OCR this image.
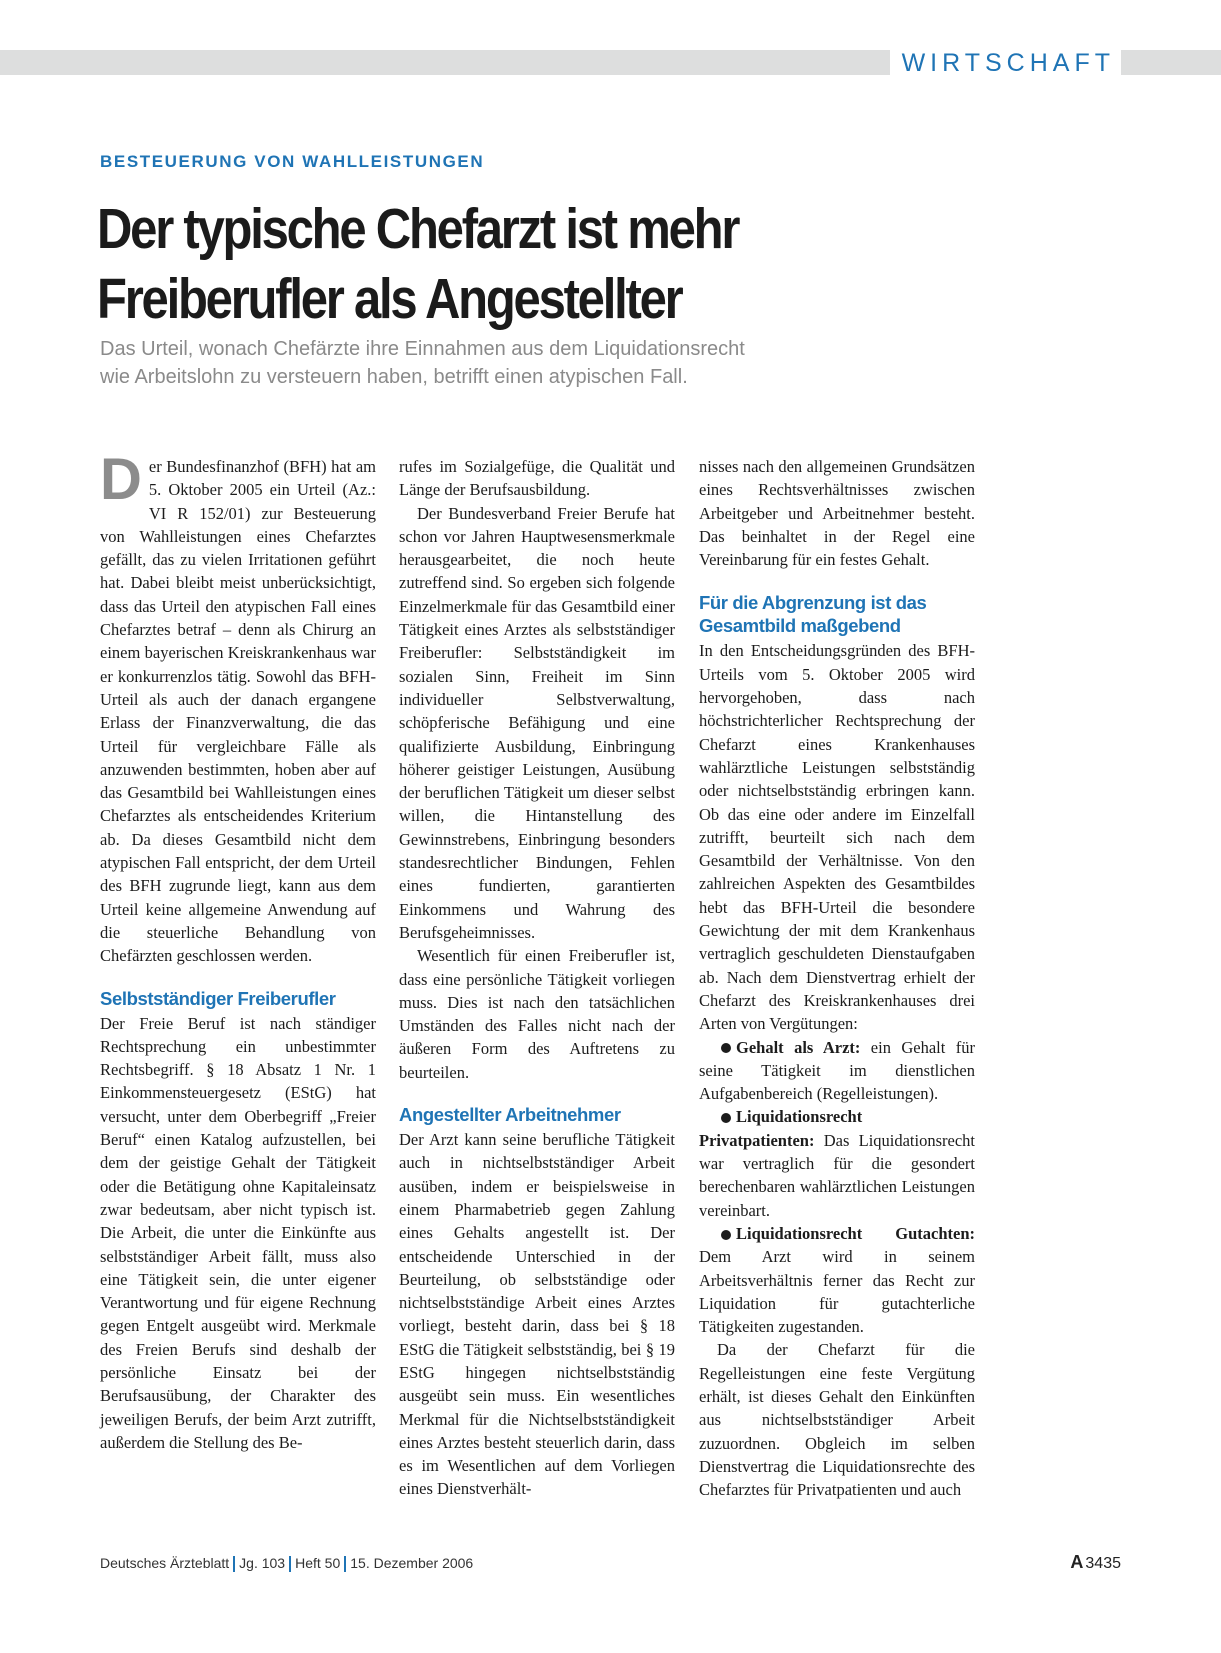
WIRTSCHAFT
BESTEUERUNG VON WAHLLEISTUNGEN
Der typische Chefarzt ist mehr
Freiberufler als Angestellter

Das Urteil, wonach Chefärzte ihre Einnahmen aus dem Liquidationsrecht
wie Arbeitslohn zu versteuern haben, betrifft einen atypischen Fall.

Der Bundesfinanzhof (BFH) hat am 5. Oktober 2005 ein Urteil (Az.: VI R 152/01) zur Besteuerung von Wahlleistungen eines Chefarztes gefällt, das zu vielen Irritationen geführt hat. Dabei bleibt meist unberücksichtigt, dass das Urteil den atypischen Fall eines Chefarztes betraf – denn als Chirurg an einem bayerischen Kreiskrankenhaus war er konkurrenzlos tätig. Sowohl das BFH-Urteil als auch der danach ergangene Erlass der Finanzverwaltung, die das Urteil für vergleichbare Fälle als anzuwenden bestimmten, hoben aber auf das Gesamtbild bei Wahlleistungen eines Chefarztes als entscheidendes Kriterium ab. Da dieses Gesamtbild nicht dem atypischen Fall entspricht, der dem Urteil des BFH zugrunde liegt, kann aus dem Urteil keine allgemeine Anwendung auf die steuerliche Behandlung von Chefärzten geschlossen werden.

Selbstständiger Freiberufler

Der Freie Beruf ist nach ständiger Rechtsprechung ein unbestimmter Rechtsbegriff. § 18 Absatz 1 Nr. 1 Einkommensteuergesetz (EStG) hat versucht, unter dem Oberbegriff „Freier Beruf“ einen Katalog aufzustellen, bei dem der geistige Gehalt der Tätigkeit oder die Betätigung ohne Kapitaleinsatz zwar bedeutsam, aber nicht typisch ist. Die Arbeit, die unter die Einkünfte aus selbstständiger Arbeit fällt, muss also eine Tätigkeit sein, die unter eigener Verantwortung und für eigene Rechnung gegen Entgelt ausgeübt wird. Merkmale des Freien Berufs sind deshalb der persönliche Einsatz bei der Berufsausübung, der Charakter des jeweiligen Berufs, der beim Arzt zutrifft, außerdem die Stellung des Be-

rufes im Sozialgefüge, die Qualität und Länge der Berufsausbildung.

Der Bundesverband Freier Berufe hat schon vor Jahren Hauptwesensmerkmale herausgearbeitet, die noch heute zutreffend sind. So ergeben sich folgende Einzelmerkmale für das Gesamtbild einer Tätigkeit eines Arztes als selbstständiger Freiberufler: Selbstständigkeit im sozialen Sinn, Freiheit im Sinn individueller Selbstverwaltung, schöpferische Befähigung und eine qualifizierte Ausbildung, Einbringung höherer geistiger Leistungen, Ausübung der beruflichen Tätigkeit um dieser selbst willen, die Hintanstellung des Gewinnstrebens, Einbringung besonders standesrechtlicher Bindungen, Fehlen eines fundierten, garantierten Einkommens und Wahrung des Berufsgeheimnisses.

Wesentlich für einen Freiberufler ist, dass eine persönliche Tätigkeit vorliegen muss. Dies ist nach den tatsächlichen Umständen des Falles nicht nach der äußeren Form des Auftretens zu beurteilen.

Angestellter Arbeitnehmer

Der Arzt kann seine berufliche Tätigkeit auch in nichtselbstständiger Arbeit ausüben, indem er beispielsweise in einem Pharmabetrieb gegen Zahlung eines Gehalts angestellt ist. Der entscheidende Unterschied in der Beurteilung, ob selbstständige oder nichtselbstständige Arbeit eines Arztes vorliegt, besteht darin, dass bei § 18 EStG die Tätigkeit selbstständig, bei § 19 EStG hingegen nichtselbstständig ausgeübt sein muss. Ein wesentliches Merkmal für die Nichtselbstständigkeit eines Arztes besteht steuerlich darin, dass es im Wesentlichen auf dem Vorliegen eines Dienstverhält-

nisses nach den allgemeinen Grundsätzen eines Rechtsverhältnisses zwischen Arbeitgeber und Arbeitnehmer besteht. Das beinhaltet in der Regel eine Vereinbarung für ein festes Gehalt.

Für die Abgrenzung ist das Gesamtbild maßgebend

In den Entscheidungsgründen des BFH-Urteils vom 5. Oktober 2005 wird hervorgehoben, dass nach höchstrichterlicher Rechtsprechung der Chefarzt eines Krankenhauses wahlärztliche Leistungen selbstständig oder nichtselbstständig erbringen kann. Ob das eine oder andere im Einzelfall zutrifft, beurteilt sich nach dem Gesamtbild der Verhältnisse. Von den zahlreichen Aspekten des Gesamtbildes hebt das BFH-Urteil die besondere Gewichtung der mit dem Krankenhaus vertraglich geschuldeten Dienstaufgaben ab. Nach dem Dienstvertrag erhielt der Chefarzt des Kreiskrankenhauses drei Arten von Vergütungen:

Gehalt als Arzt: ein Gehalt für seine Tätigkeit im dienstlichen Aufgabenbereich (Regelleistungen).

Liquidationsrecht Privatpatienten: Das Liquidationsrecht war vertraglich für die gesondert berechenbaren wahlärztlichen Leistungen vereinbart.

Liquidationsrecht Gutachten: Dem Arzt wird in seinem Arbeitsverhältnis ferner das Recht zur Liquidation für gutachterliche Tätigkeiten zugestanden.

Da der Chefarzt für die Regelleistungen eine feste Vergütung erhält, ist dieses Gehalt den Einkünften aus nichtselbstständiger Arbeit zuzuordnen. Obgleich im selben Dienstvertrag die Liquidationsrechte des Chefarztes für Privatpatienten und auch

Deutsches Ärzteblatt Jg. 103 Heft 50 15. Dezember 2006	A 3435
